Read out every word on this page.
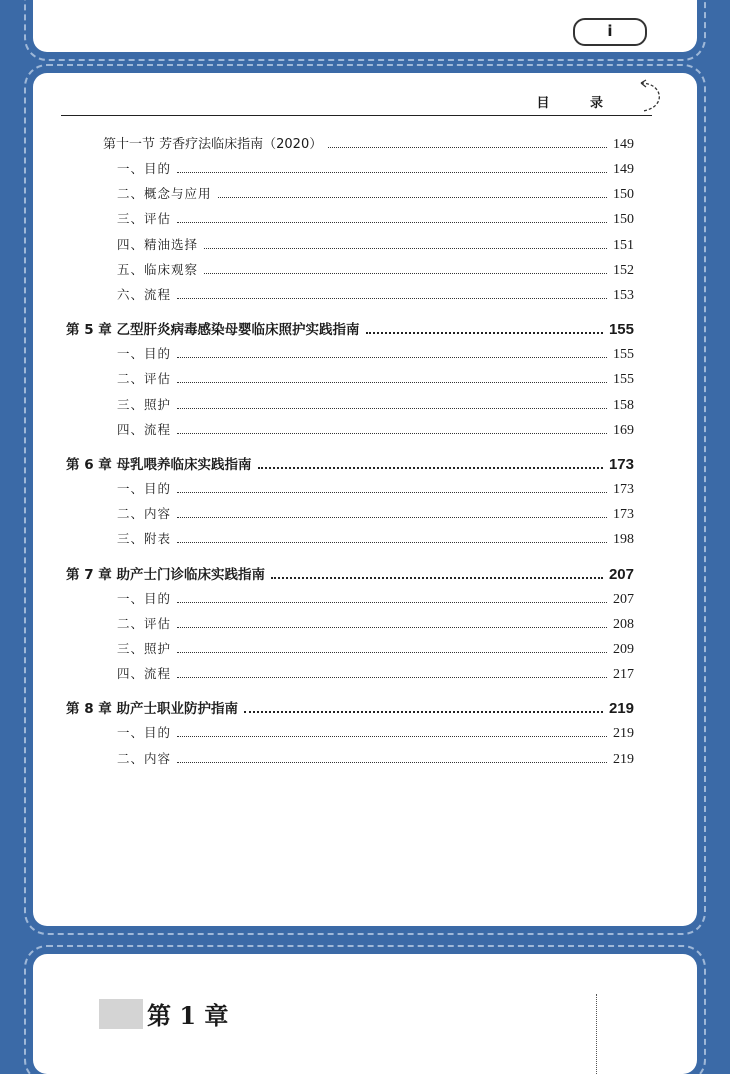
i
目 录
第十一节 芳香疗法临床指南（2020）	149
一、目的	149
二、概念与应用	150
三、评估	150
四、精油选择	151
五、临床观察	152
六、流程	153
第 5 章 乙型肝炎病毒感染母婴临床照护实践指南	155
一、目的	155
二、评估	155
三、照护	158
四、流程	169
第 6 章 母乳喂养临床实践指南	173
一、目的	173
二、内容	173
三、附表	198
第 7 章 助产士门诊临床实践指南	207
一、目的	207
二、评估	208
三、照护	209
四、流程	217
第 8 章 助产士职业防护指南	219
一、目的	219
二、内容	219
第 1 章
